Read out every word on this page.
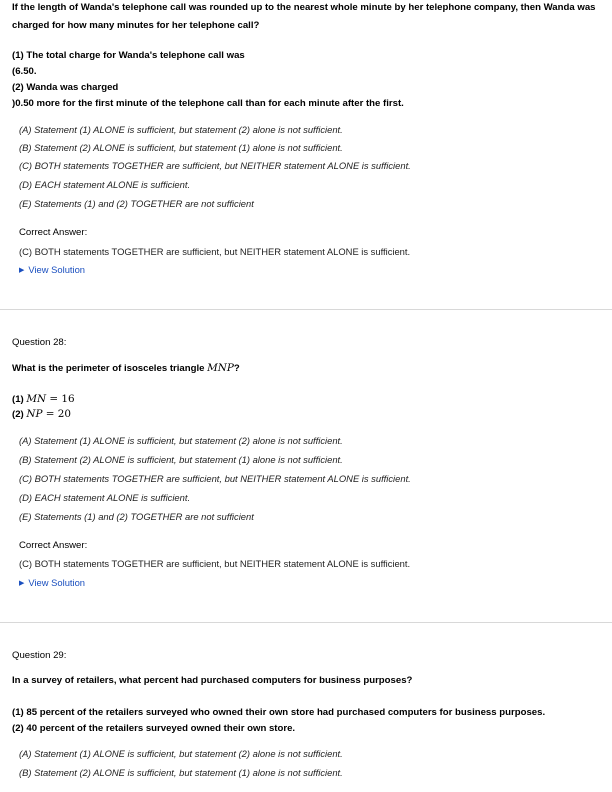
If the length of Wanda's telephone call was rounded up to the nearest whole minute by her telephone company, then Wanda was
charged for how many minutes for her telephone call?
(1) The total charge for Wanda's telephone call was
(6.50.
(2) Wanda was charged
)0.50 more for the first minute of the telephone call than for each minute after the first.
(A) Statement (1) ALONE is sufficient, but statement (2) alone is not sufficient.
(B) Statement (2) ALONE is sufficient, but statement (1) alone is not sufficient.
(C) BOTH statements TOGETHER are sufficient, but NEITHER statement ALONE is sufficient.
(D) EACH statement ALONE is sufficient.
(E) Statements (1) and (2) TOGETHER are not sufficient
Correct Answer:
(C) BOTH statements TOGETHER are sufficient, but NEITHER statement ALONE is sufficient.
▶ View Solution
Question 28:
What is the perimeter of isosceles triangle MNP?
(1) MN = 16
(2) NP = 20
(A) Statement (1) ALONE is sufficient, but statement (2) alone is not sufficient.
(B) Statement (2) ALONE is sufficient, but statement (1) alone is not sufficient.
(C) BOTH statements TOGETHER are sufficient, but NEITHER statement ALONE is sufficient.
(D) EACH statement ALONE is sufficient.
(E) Statements (1) and (2) TOGETHER are not sufficient
Correct Answer:
(C) BOTH statements TOGETHER are sufficient, but NEITHER statement ALONE is sufficient.
▶ View Solution
Question 29:
In a survey of retailers, what percent had purchased computers for business purposes?
(1) 85 percent of the retailers surveyed who owned their own store had purchased computers for business purposes.
(2) 40 percent of the retailers surveyed owned their own store.
(A) Statement (1) ALONE is sufficient, but statement (2) alone is not sufficient.
(B) Statement (2) ALONE is sufficient, but statement (1) alone is not sufficient.
